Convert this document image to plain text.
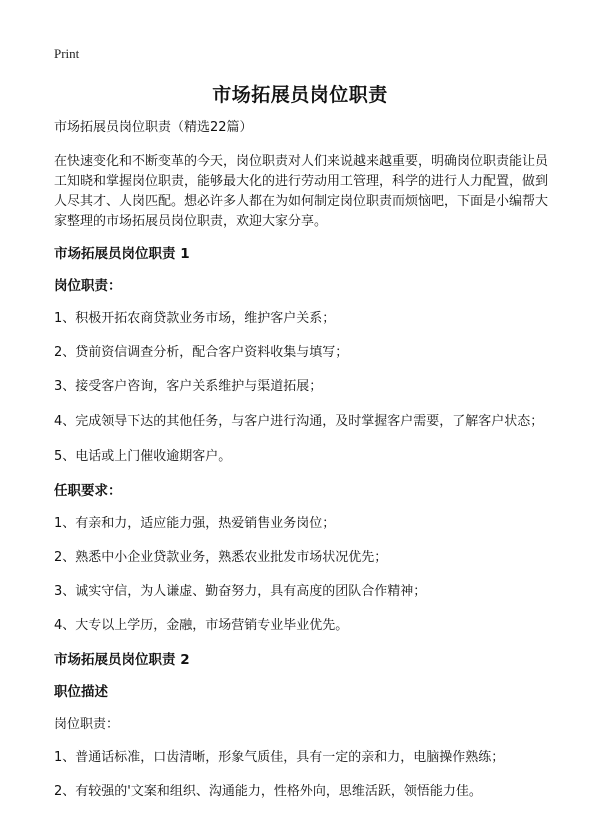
Print
市场拓展员岗位职责

市场拓展员岗位职责（精选22篇）

在快速变化和不断变革的今天，岗位职责对人们来说越来越重要，明确岗位职责能让员工知晓和掌握岗位职责，能够最大化的进行劳动用工管理，科学的进行人力配置，做到人尽其才、人岗匹配。想必许多人都在为如何制定岗位职责而烦恼吧，下面是小编帮大家整理的市场拓展员岗位职责，欢迎大家分享。

市场拓展员岗位职责 1

岗位职责：

1、积极开拓农商贷款业务市场，维护客户关系；

2、贷前资信调查分析，配合客户资料收集与填写；

3、接受客户咨询，客户关系维护与渠道拓展；

4、完成领导下达的其他任务，与客户进行沟通，及时掌握客户需要，了解客户状态；

5、电话或上门催收逾期客户。

任职要求：

1、有亲和力，适应能力强，热爱销售业务岗位；

2、熟悉中小企业贷款业务，熟悉农业批发市场状况优先；

3、诚实守信，为人谦虚、勤奋努力，具有高度的团队合作精神；

4、大专以上学历，金融，市场营销专业毕业优先。

市场拓展员岗位职责 2

职位描述

岗位职责：

1、普通话标准，口齿清晰，形象气质佳，具有一定的亲和力，电脑操作熟练；

2、有较强的'文案和组织、沟通能力，性格外向，思维活跃，领悟能力佳。
